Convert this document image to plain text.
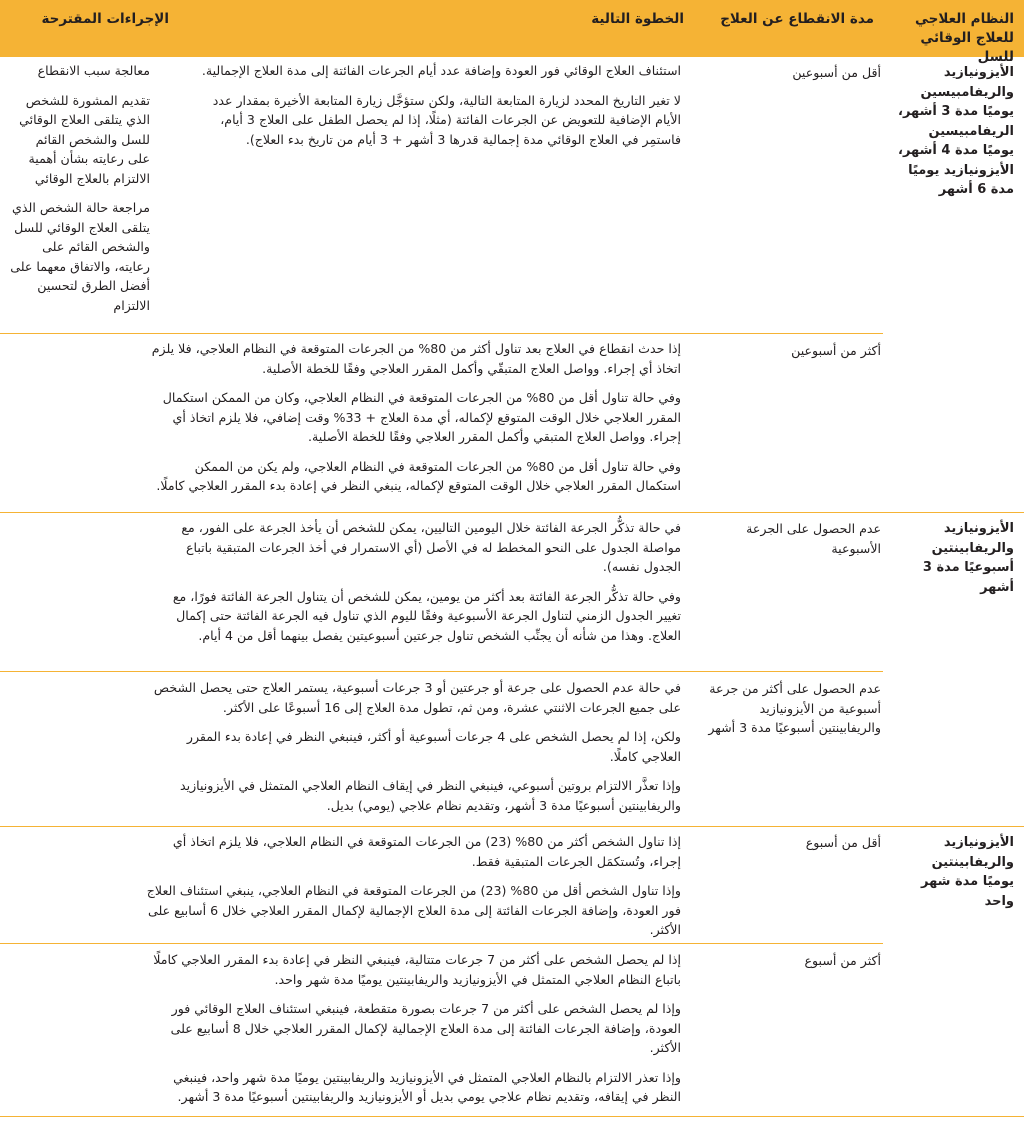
النظام العلاجي للعلاج الوقائي للسل
مدة الانقطاع عن العلاج
الخطوة التالية
الإجراءات المقترحة
الأيزونيازيد والريفامبيسين يوميًا مدة 3 أشهر، الريفامبيسين يوميًا مدة 4 أشهر، الأيزونيازيد يوميًا مدة 6 أشهر
الأيزونيازيد والريفابينتين أسبوعيًا مدة 3 أشهر
الأيزونيازيد والريفابينتين يوميًا مدة شهر واحد
أقل من أسبوعين

استئناف العلاج الوقائي فور العودة وإضافة عدد أيام الجرعات الفائتة إلى مدة العلاج الإجمالية.

لا تغير التاريخ المحدد لزيارة المتابعة التالية، ولكن ستؤجَّل زيارة المتابعة الأخيرة بمقدار عدد الأيام الإضافية للتعويض عن الجرعات الفائتة (مثلًا، إذا لم يحصل الطفل على العلاج 3 أيام، فاستمِر في العلاج الوقائي مدة إجمالية قدرها 3 أشهر + 3 أيام من تاريخ بدء العلاج).

معالجة سبب الانقطاع

تقديم المشورة للشخص الذي يتلقى العلاج الوقائي للسل والشخص القائم على رعايته بشأن أهمية الالتزام بالعلاج الوقائي

مراجعة حالة الشخص الذي يتلقى العلاج الوقائي للسل والشخص القائم على رعايته، والاتفاق معهما على أفضل الطرق لتحسين الالتزام

أكثر من أسبوعين

إذا حدث انقطاع في العلاج بعد تناول أكثر من 80% من الجرعات المتوقعة في النظام العلاجي، فلا يلزم اتخاذ أي إجراء. وواصل العلاج المتبقّي وأكمل المقرر العلاجي وفقًا للخطة الأصلية.

وفي حالة تناول أقل من 80% من الجرعات المتوقعة في النظام العلاجي، وكان من الممكن استكمال المقرر العلاجي خلال الوقت المتوقع لإكماله، أي مدة العلاج + 33% وقت إضافي، فلا يلزم اتخاذ أي إجراء. وواصل العلاج المتبقي وأكمل المقرر العلاجي وفقًا للخطة الأصلية.

وفي حالة تناول أقل من 80% من الجرعات المتوقعة في النظام العلاجي، ولم يكن من الممكن استكمال المقرر العلاجي خلال الوقت المتوقع لإكماله، ينبغي النظر في إعادة بدء المقرر العلاجي كاملًا.

عدم الحصول على الجرعة الأسبوعية

في حالة تذكُّر الجرعة الفائتة خلال اليومين التاليين، يمكن للشخص أن يأخذ الجرعة على الفور، مع مواصلة الجدول على النحو المخطط له في الأصل (أي الاستمرار في أخذ الجرعات المتبقية باتباع الجدول نفسه).

وفي حالة تذكُّر الجرعة الفائتة بعد أكثر من يومين، يمكن للشخص أن يتناول الجرعة الفائتة فورًا، مع تغيير الجدول الزمني لتناول الجرعة الأسبوعية وفقًا لليوم الذي تناول فيه الجرعة الفائتة حتى إكمال العلاج. وهذا من شأنه أن يجنِّب الشخص تناول جرعتين أسبوعيتين يفصل بينهما أقل من 4 أيام.

عدم الحصول على أكثر من جرعة أسبوعية من الأيزونيازيد والريفابينتين أسبوعيًا مدة 3 أشهر

في حالة عدم الحصول على جرعة أو جرعتين أو 3 جرعات أسبوعية، يستمر العلاج حتى يحصل الشخص على جميع الجرعات الاثنتي عشرة، ومن ثم، تطول مدة العلاج إلى 16 أسبوعًا على الأكثر.

ولكن، إذا لم يحصل الشخص على 4 جرعات أسبوعية أو أكثر، فينبغي النظر في إعادة بدء المقرر العلاجي كاملًا.

وإذا تعذَّر الالتزام بروتين أسبوعي، فينبغي النظر في إيقاف النظام العلاجي المتمثل في الأيزونيازيد والريفابينتين أسبوعيًا مدة 3 أشهر، وتقديم نظام علاجي (يومي) بديل.

أقل من أسبوع

إذا تناول الشخص أكثر من 80% (23) من الجرعات المتوقعة في النظام العلاجي، فلا يلزم اتخاذ أي إجراء، وتُستكمَل الجرعات المتبقية فقط.

وإذا تناول الشخص أقل من 80% (23) من الجرعات المتوقعة في النظام العلاجي، ينبغي استئناف العلاج فور العودة، وإضافة الجرعات الفائتة إلى مدة العلاج الإجمالية لإكمال المقرر العلاجي خلال 6 أسابيع على الأكثر.

أكثر من أسبوع

إذا لم يحصل الشخص على أكثر من 7 جرعات متتالية، فينبغي النظر في إعادة بدء المقرر العلاجي كاملًا باتباع النظام العلاجي المتمثل في الأيزونيازيد والريفابينتين يوميًا مدة شهر واحد.

وإذا لم يحصل الشخص على أكثر من 7 جرعات بصورة متقطعة، فينبغي استئناف العلاج الوقائي فور العودة، وإضافة الجرعات الفائتة إلى مدة العلاج الإجمالية لإكمال المقرر العلاجي خلال 8 أسابيع على الأكثر.

وإذا تعذر الالتزام بالنظام العلاجي المتمثل في الأيزونيازيد والريفابينتين يوميًا مدة شهر واحد، فينبغي النظر في إيقافه، وتقديم نظام علاجي يومي بديل أو الأيزونيازيد والريفابينتين أسبوعيًا مدة 3 أشهر.
